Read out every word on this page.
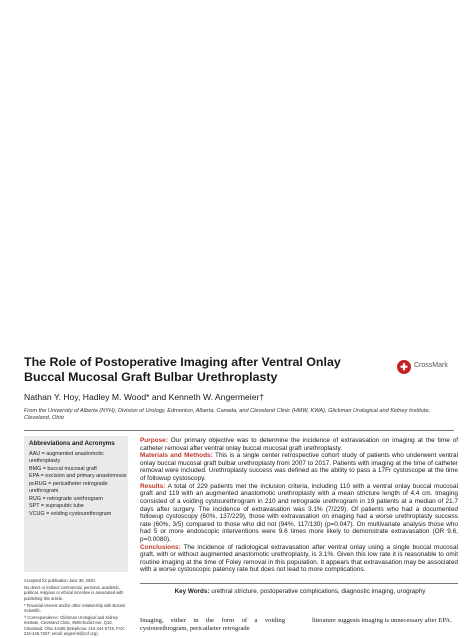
The Role of Postoperative Imaging after Ventral Onlay Buccal Mucosal Graft Bulbar Urethroplasty
✚ CrossMark
Nathan Y. Hoy, Hadley M. Wood* and Kenneth W. Angermeier†
From the University of Alberta (NYH), Division of Urology, Edmonton, Alberta, Canada, and Cleveland Clinic (HMW, KWA), Glickman Urological and Kidney Institute, Cleveland, Ohio
Abbreviations and Acronyms
AAU = augmented anastomotic urethroplasty
BMG = buccal mucosal graft
EPA = excision and primary anastomosis
pcRUG = pericatheter retrograde urethrogram
RUG = retrograde urethrogram
SPT = suprapubic tube
VCUG = voiding cystourethrogram

Accepted for publication June 30, 2020.

No direct or indirect commercial, personal, academic, political, religious or ethical incentive is associated with publishing this article.

* Financial interest and/or other relationship with Boston Scientific.

† Correspondence: Glickman Urological and Kidney Institute, Cleveland Clinic, 9500 Euclid Ave. Q10, Cleveland, Ohio 44196 (telephone: 216-444-5715; FAX: 216-445-7267; email: angermk@ccf.org).

Purpose: Our primary objective was to determine the incidence of extravasation on imaging at the time of catheter removal after ventral onlay buccal mucosal graft urethroplasty.

Materials and Methods: This is a single center retrospective cohort study of patients who underwent ventral onlay buccal mucosal graft bulbar urethroplasty from 2007 to 2017. Patients with imaging at the time of catheter removal were included. Urethroplasty success was defined as the ability to pass a 17Fr cystoscope at the time of followup cystoscopy.

Results: A total of 229 patients met the inclusion criteria, including 110 with a ventral onlay buccal mucosal graft and 119 with an augmented anastomotic urethroplasty with a mean stricture length of 4.4 cm. Imaging consisted of a voiding cystourethrogram in 210 and retrograde urethrogram in 19 patients at a median of 21.7 days after surgery. The incidence of extravasation was 3.1% (7/229). Of patients who had a documented followup cystoscopy (60%, 137/229), those with extravasation on imaging had a worse urethroplasty success rate (60%, 3/5) compared to those who did not (94%, 117/130) (p=0.047). On multivariate analysis those who had 5 or more endoscopic interventions were 9.6 times more likely to demonstrate extravasation (OR 9.6, p=0.0080).

Conclusions: The incidence of radiological extravasation after ventral onlay using a single buccal mucosal graft, with or without augmented anastomotic urethroplasty, is 3.1%. Given this low rate it is reasonable to omit routine imaging at the time of Foley removal in this population. It appears that extravasation may be associated with a worse cystoscopic patency rate but does not lead to more complications.

Key Words: urethral stricture, postoperative complications, diagnostic imaging, urography
Imaging, either in the form of a voiding cystourethrogram, pericatheter retrograde
literature suggests imaging is unnecessary after EPA.
